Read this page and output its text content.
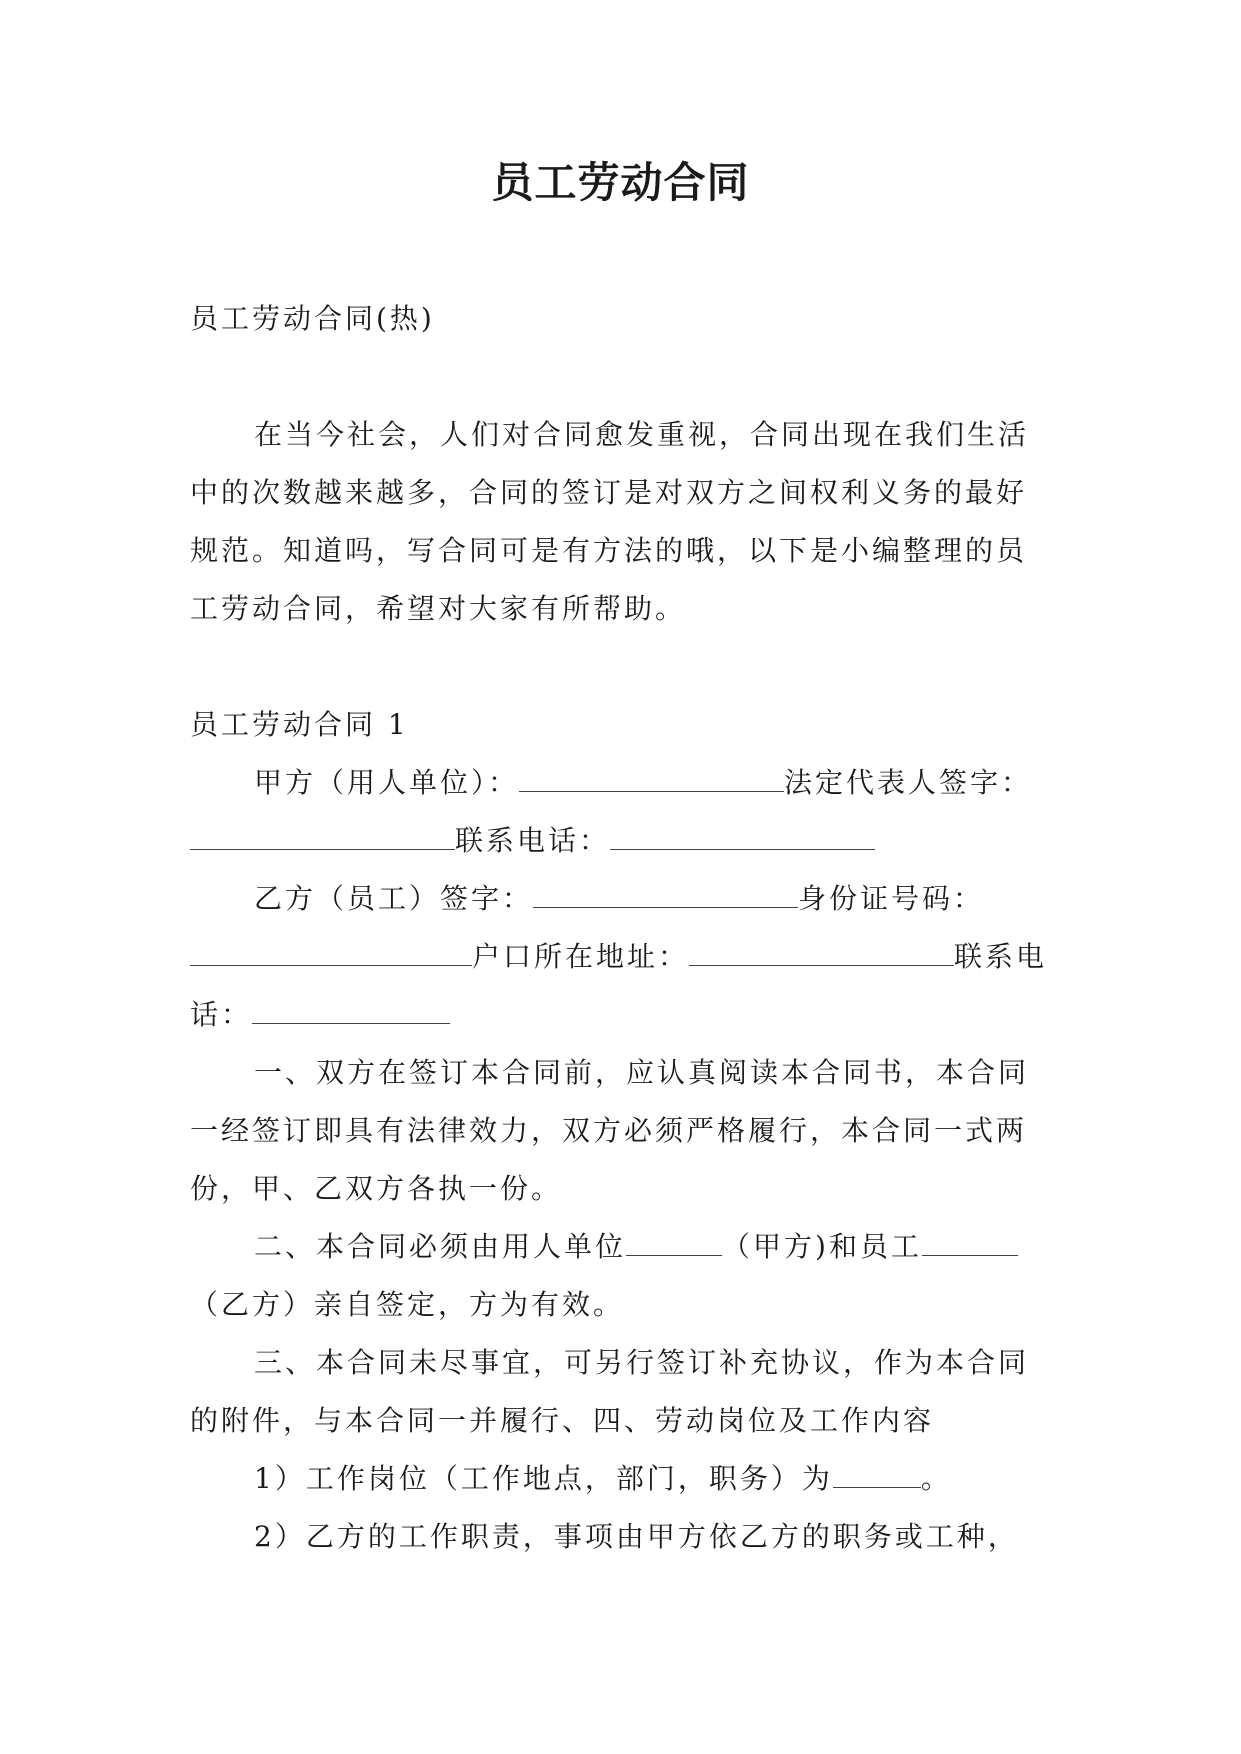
员工劳动合同

员工劳动合同(热)

在当今社会，人们对合同愈发重视，合同出现在我们生活中的次数越来越多，合同的签订是对双方之间权利义务的最好规范。知道吗，写合同可是有方法的哦，以下是小编整理的员工劳动合同，希望对大家有所帮助。

员工劳动合同 1

甲方（用人单位）：	法定代表人签字：联系电话：

乙方（员工）签字：	身份证号码：户口所在地址：	联系电话：

一、双方在签订本合同前，应认真阅读本合同书，本合同一经签订即具有法律效力，双方必须严格履行，本合同一式两份，甲、乙双方各执一份。

二、本合同必须由用人单位	（甲方)和员工（乙方）亲自签定，方为有效。

三、本合同未尽事宜，可另行签订补充协议，作为本合同的附件，与本合同一并履行、四、劳动岗位及工作内容

1）工作岗位（工作地点，部门，职务）为	。

2）乙方的工作职责，事项由甲方依乙方的职务或工种，
